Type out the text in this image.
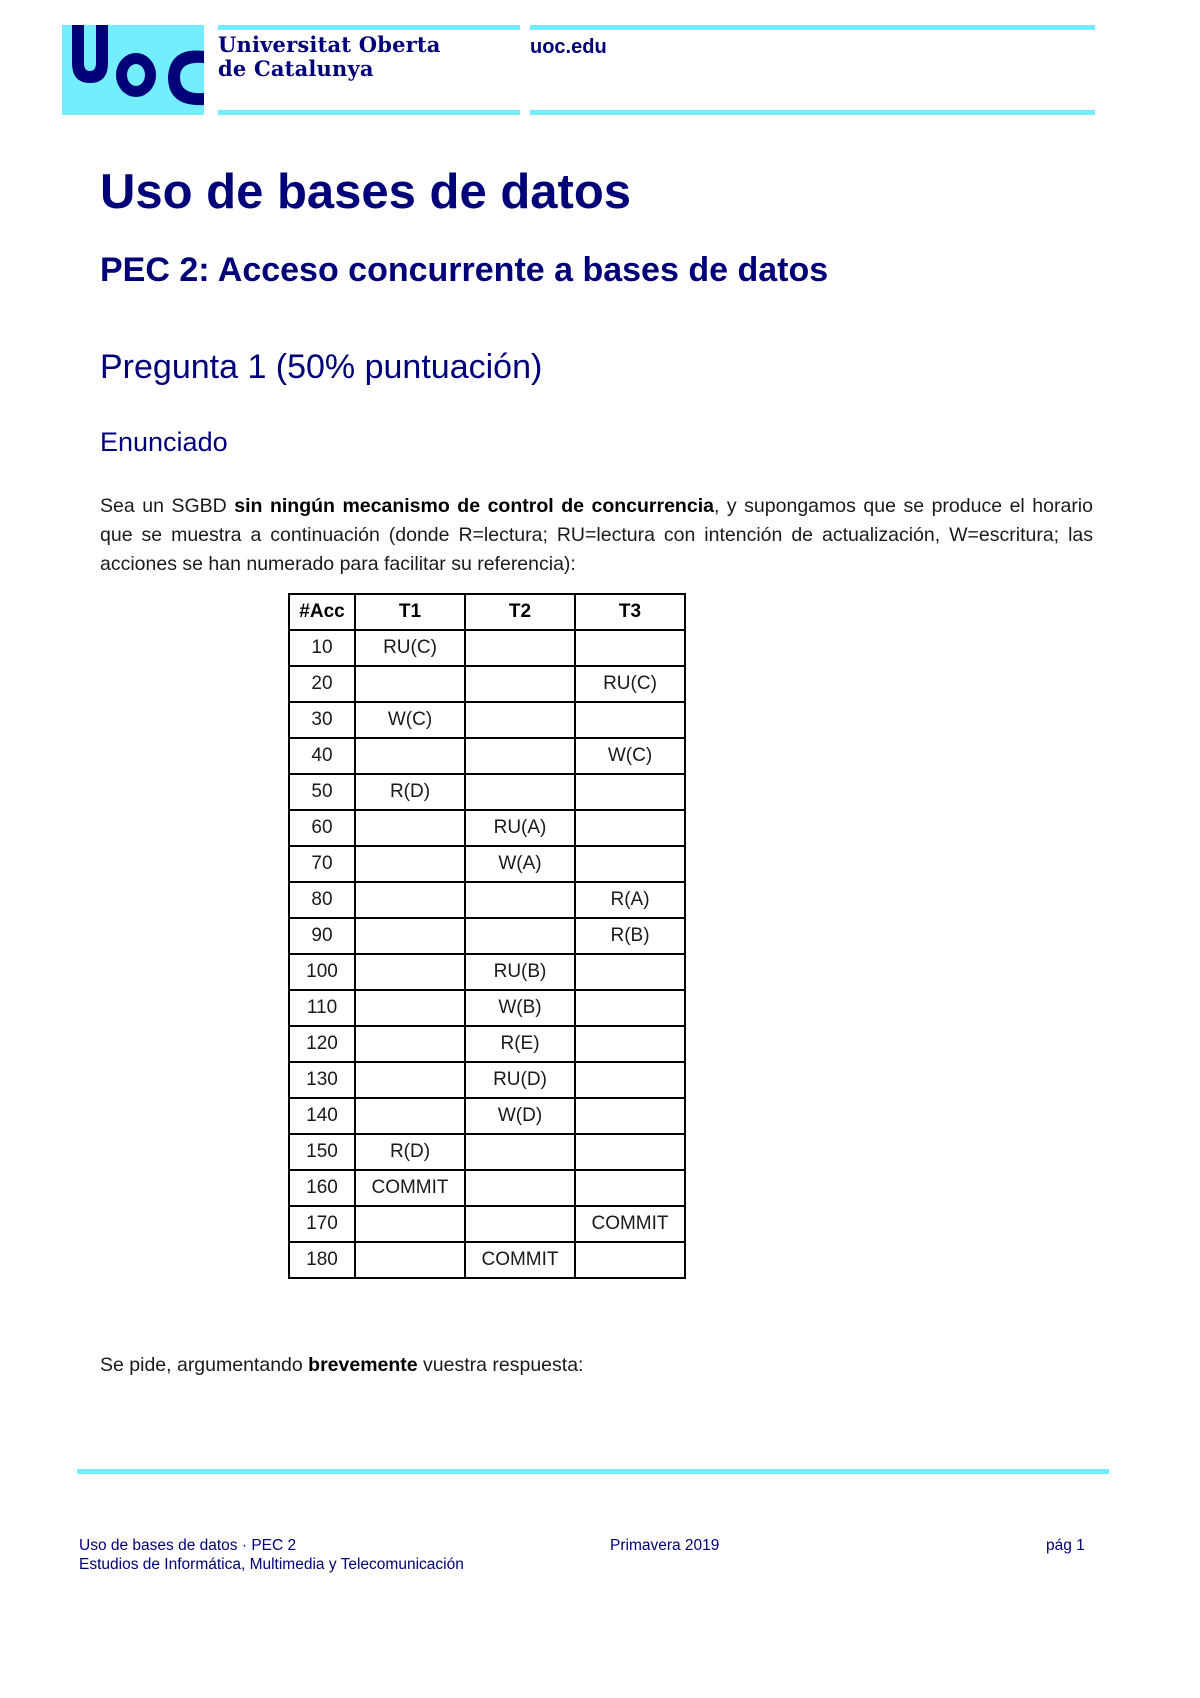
Universitat Oberta
de Catalunya
uoc.edu
Uso de bases de datos
PEC 2: Acceso concurrente a bases de datos
Pregunta 1 (50% puntuación)
Enunciado

Sea un SGBD sin ningún mecanismo de control de concurrencia, y supongamos que se produce el horario que se muestra a continuación (donde R=lectura; RU=lectura con intención de actualización, W=escritura; las acciones se han numerado para facilitar su referencia):

#Acc	T1	T2	T3
10	RU(C)		
20			RU(C)
30	W(C)		
40			W(C)
50	R(D)		
60		RU(A)	
70		W(A)	
80			R(A)
90			R(B)
100		RU(B)	
110		W(B)	
120		R(E)	
130		RU(D)	
140		W(D)	
150	R(D)		
160	COMMIT		
170			COMMIT
180		COMMIT	

Se pide, argumentando brevemente vuestra respuesta:

Uso de bases de datos · PEC 2
Estudios de Informática, Multimedia y Telecomunicación
Primavera 2019	pág 1
